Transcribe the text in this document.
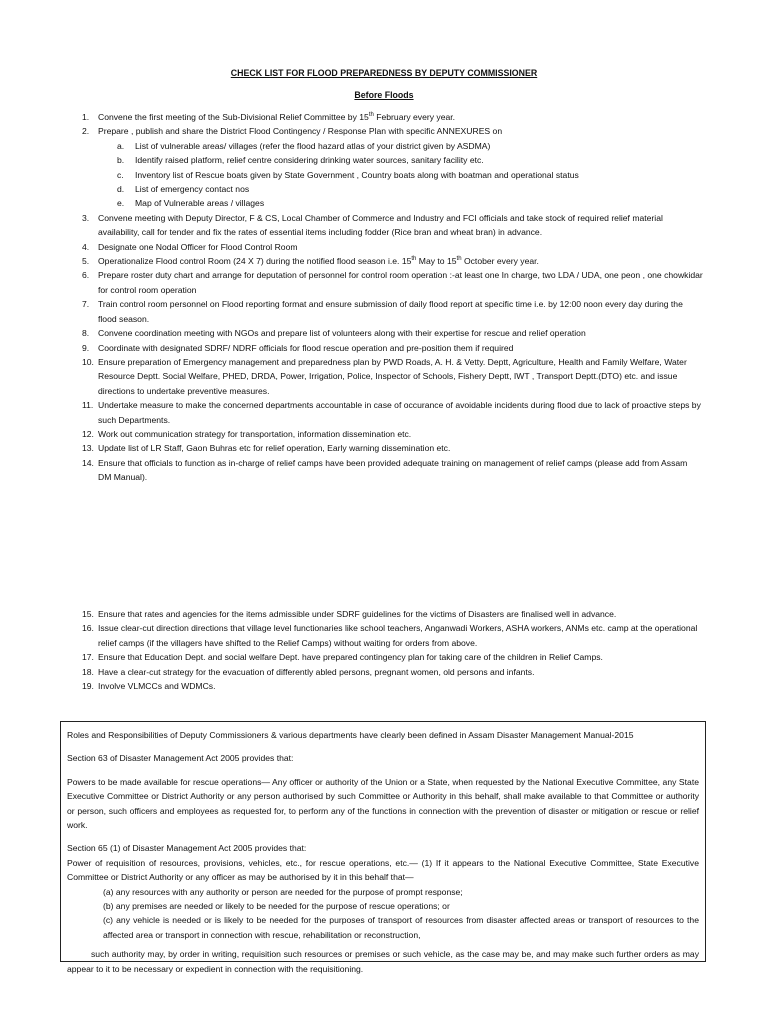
CHECK LIST FOR FLOOD PREPAREDNESS BY DEPUTY COMMISSIONER
Before Floods
1. Convene the first meeting of the Sub-Divisional Relief Committee by 15th February every year.
2. Prepare , publish and share the District Flood Contingency / Response Plan with specific ANNEXURES on
a. List of vulnerable areas/ villages (refer the flood hazard atlas of your district given by ASDMA)
b. Identify raised platform, relief centre considering drinking water sources, sanitary facility etc.
c. Inventory list of Rescue boats given by State Government , Country boats along with boatman and operational status
d. List of emergency contact nos
e. Map of Vulnerable areas / villages
3. Convene meeting with Deputy Director, F & CS, Local Chamber of Commerce and Industry and FCI officials and take stock of required relief material availability, call for tender and fix the rates of essential items including fodder (Rice bran and wheat bran) in advance.
4. Designate one Nodal Officer for Flood Control Room
5. Operationalize Flood control Room (24 X 7) during the notified flood season i.e. 15th May to 15th October every year.
6. Prepare roster duty chart and arrange for deputation of personnel for control room operation :-at least one In charge, two LDA / UDA, one peon , one chowkidar for control room operation
7. Train control room personnel on Flood reporting format and ensure submission of daily flood report at specific time i.e. by 12:00 noon every day during the flood season.
8. Convene coordination meeting with NGOs and prepare list of volunteers along with their expertise for rescue and relief operation
9. Coordinate with designated SDRF/ NDRF officials for flood rescue operation and pre-position them if required
10. Ensure preparation of Emergency management and preparedness plan by PWD Roads, A. H. & Vetty. Deptt, Agriculture, Health and Family Welfare, Water Resource Deptt. Social Welfare, PHED, DRDA, Power, Irrigation, Police, Inspector of Schools, Fishery Deptt, IWT , Transport Deptt.(DTO) etc. and issue directions to undertake preventive measures.
11. Undertake measure to make the concerned departments accountable in case of occurance of avoidable incidents during flood due to lack of proactive steps by such Departments.
12. Work out communication strategy for transportation, information dissemination etc.
13. Update list of LR Staff, Gaon Buhras etc for relief operation, Early warning dissemination etc.
14. Ensure that officials to function as in-charge of relief camps have been provided adequate training on management of relief camps (please add from Assam DM Manual).
15. Ensure that rates and agencies for the items admissible under SDRF guidelines for the victims of Disasters are finalised well in advance.
16. Issue clear-cut direction directions that village level functionaries like school teachers, Anganwadi Workers, ASHA workers, ANMs etc. camp at the operational relief camps (if the villagers have shifted to the Relief Camps) without waiting for orders from above.
17. Ensure that Education Dept. and social welfare Dept. have prepared contingency plan for taking care of the children in Relief Camps.
18. Have a clear-cut strategy for the evacuation of differently abled persons, pregnant women, old persons and infants.
19. Involve VLMCCs and WDMCs.

Roles and Responsibilities of Deputy Commissioners & various departments have clearly been defined in Assam Disaster Management Manual-2015

Section 63 of Disaster Management Act 2005 provides that:

Powers to be made available for rescue operations— Any officer or authority of the Union or a State, when requested by the National Executive Committee, any State Executive Committee or District Authority or any person authorised by such Committee or Authority in this behalf, shall make available to that Committee or authority or person, such officers and employees as requested for, to perform any of the functions in connection with the prevention of disaster or mitigation or rescue or relief work.

Section 65 (1) of Disaster Management Act 2005 provides that:

Power of requisition of resources, provisions, vehicles, etc., for rescue operations, etc.— (1) If it appears to the National Executive Committee, State Executive Committee or District Authority or any officer as may be authorised by it in this behalf that—

(a) any resources with any authority or person are needed for the purpose of prompt response;

(b) any premises are needed or likely to be needed for the purpose of rescue operations; or

(c) any vehicle is needed or is likely to be needed for the purposes of transport of resources from disaster affected areas or transport of resources to the affected area or transport in connection with rescue, rehabilitation or reconstruction,

such authority may, by order in writing, requisition such resources or premises or such vehicle, as the case may be, and may make such further orders as may appear to it to be necessary or expedient in connection with the requisitioning.
